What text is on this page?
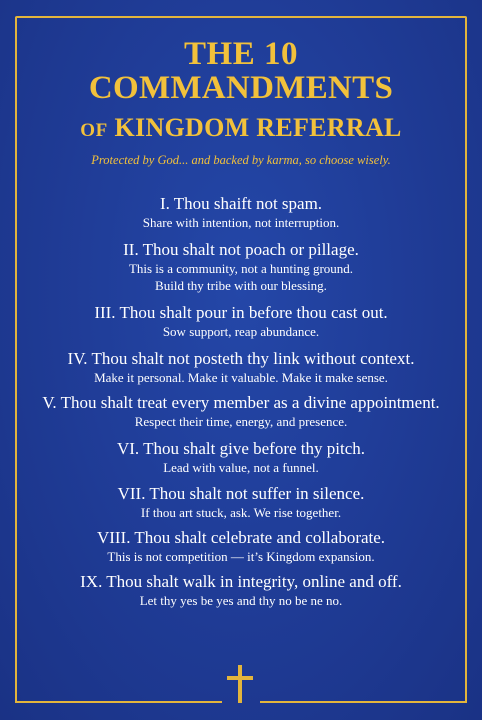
THE 10
COMMANDMENTS
OF KINGDOM REFERRAL
Protected by God... and backed by karma, so choose wisely.
I. Thou shaift not spam.
Share with intention, not interruption.
II. Thou shalt not poach or pillage.
This is a community, not a hunting ground.
Build thy tribe with our blessing.
III. Thou shalt pour in before thou cast out.
Sow support, reap abundance.
IV. Thou shalt not posteth thy link without context.
Make it personal. Make it valuable. Make it make sense.
V. Thou shalt treat every member as a divine appointment.
Respect their time, energy, and presence.
VI. Thou shalt give before thy pitch.
Lead with value, not a funnel.
VII. Thou shalt not suffer in silence.
If thou art stuck, ask. We rise together.
VIII. Thou shalt celebrate and collaborate.
This is not competition — it’s Kingdom expansion.
IX. Thou shalt walk in integrity, online and off.
Let thy yes be yes and thy no be ne no.
